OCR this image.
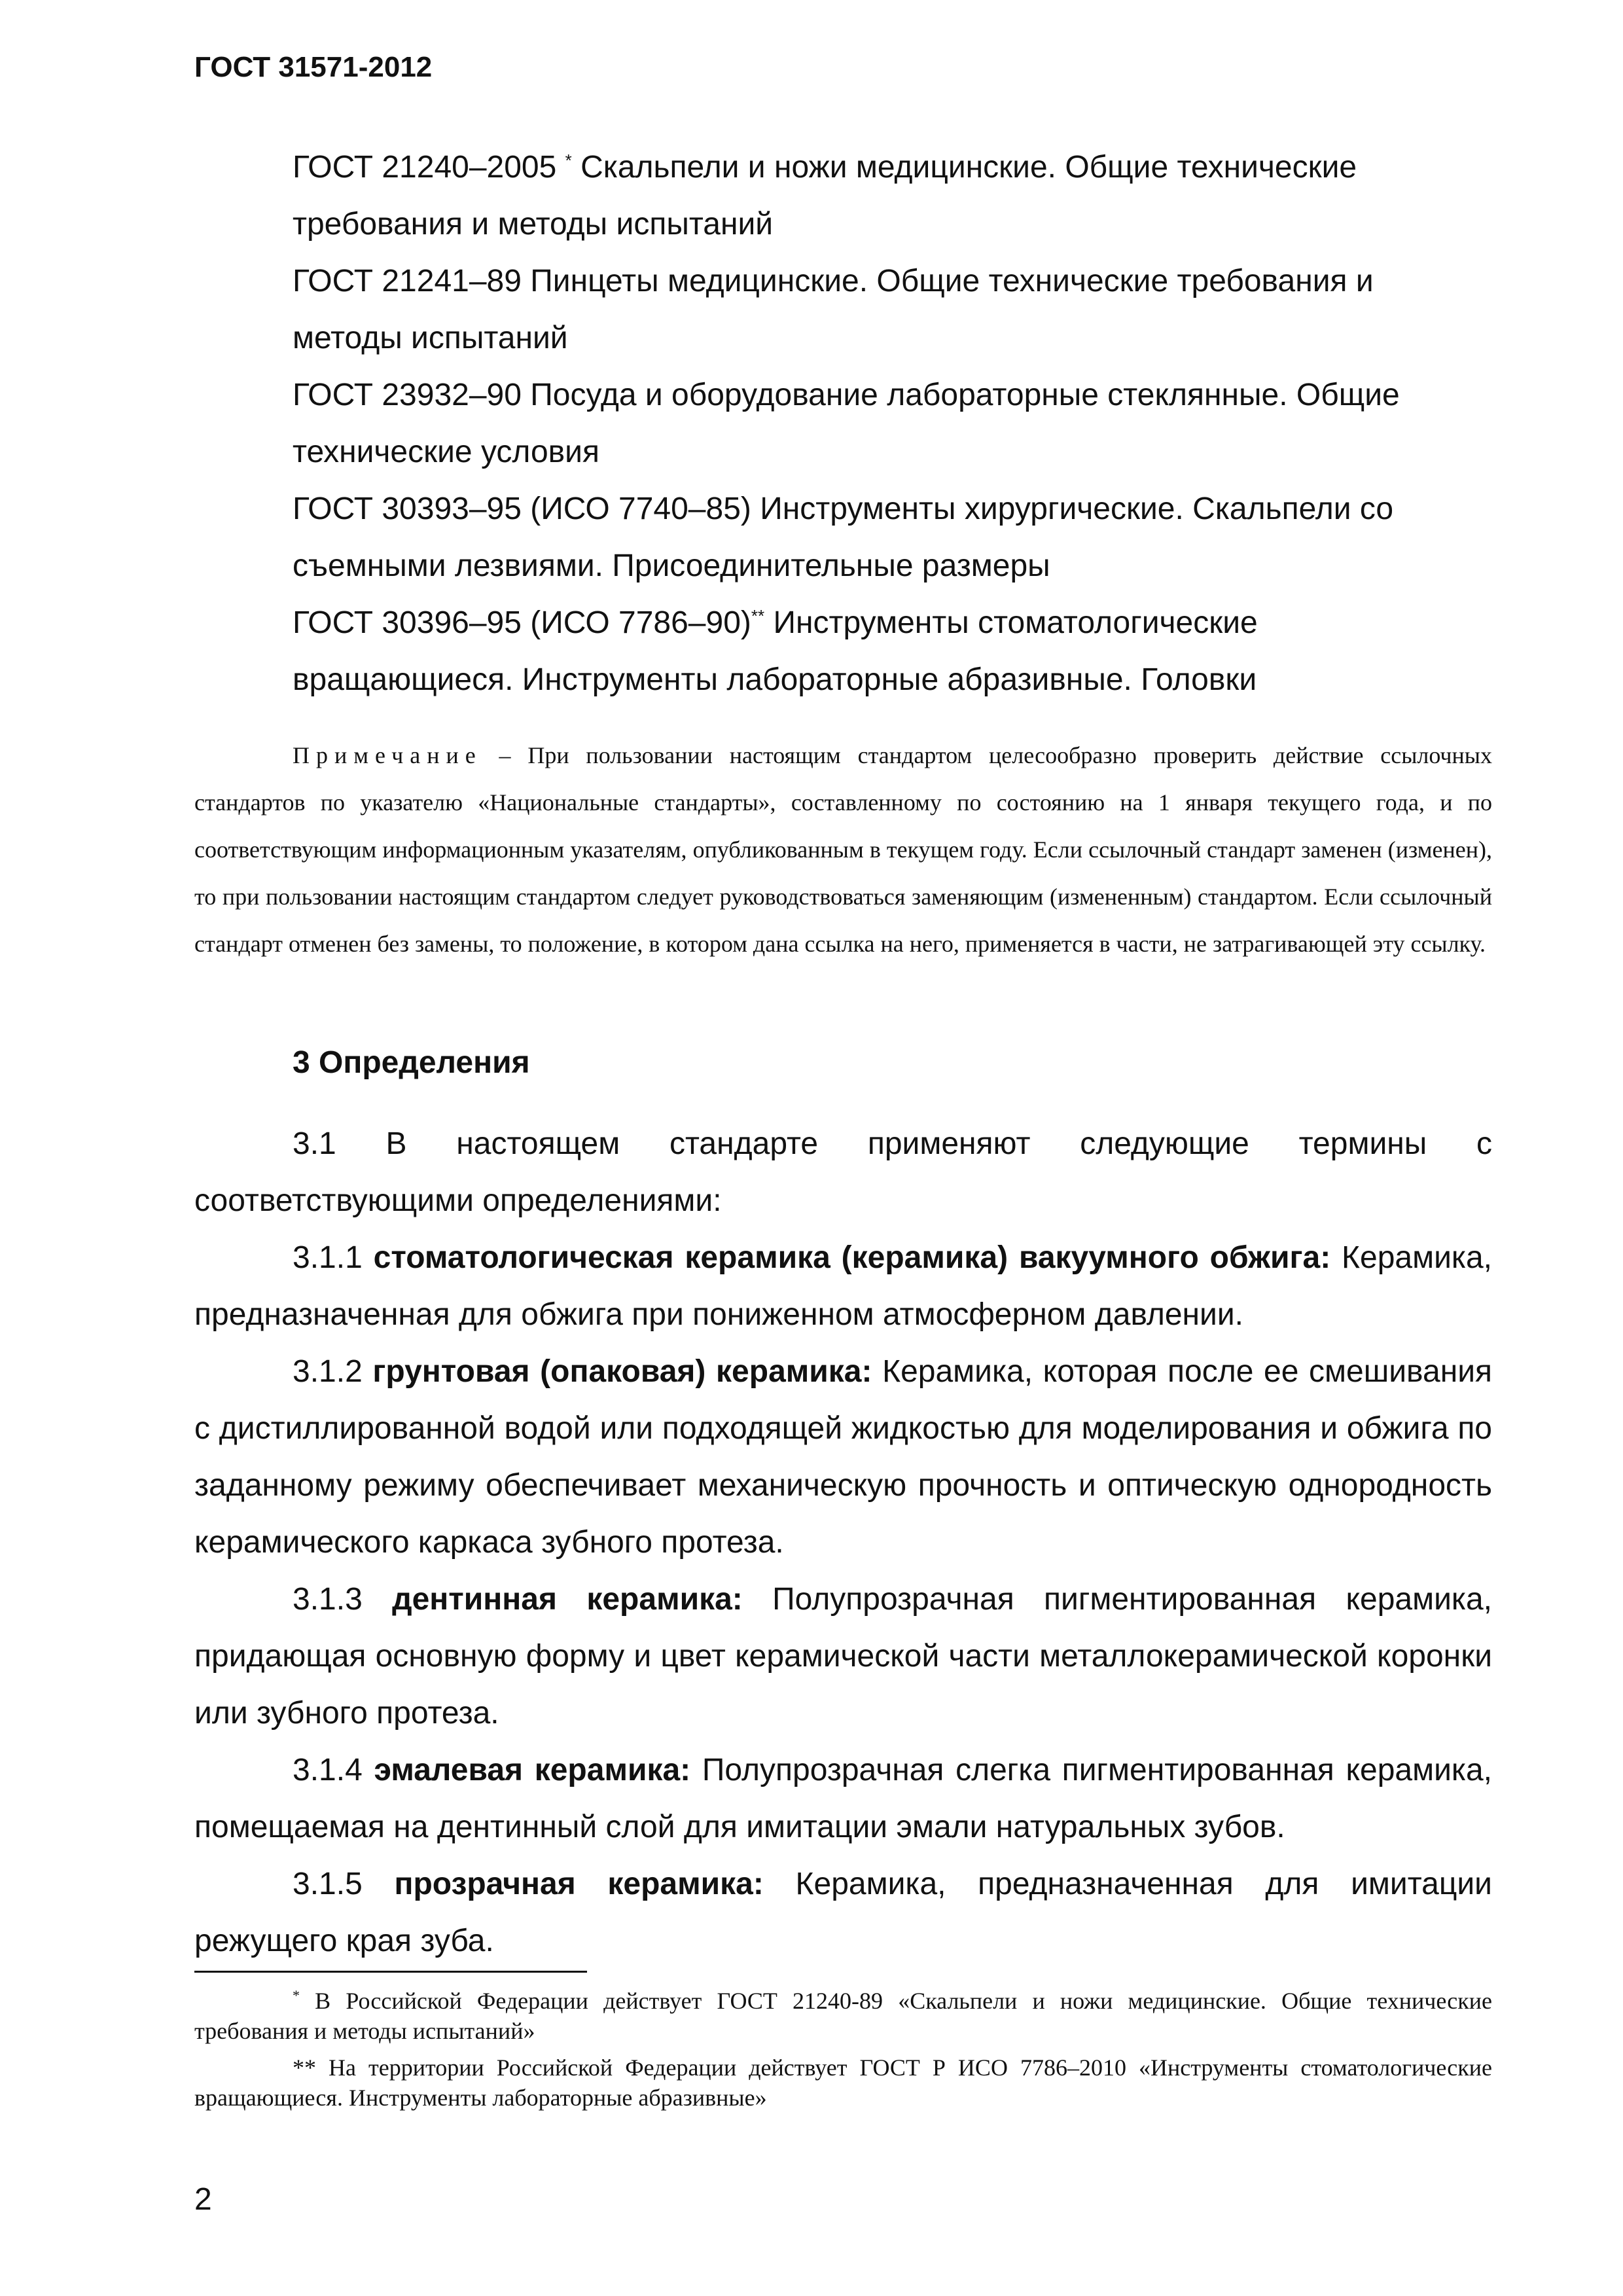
ГОСТ 31571-2012

ГОСТ 21240–2005 * Скальпели и ножи медицинские. Общие технические
требования и методы испытаний

ГОСТ 21241–89 Пинцеты медицинские. Общие технические требования и
методы испытаний

ГОСТ 23932–90 Посуда и оборудование лабораторные стеклянные. Общие
технические условия

ГОСТ 30393–95 (ИСО 7740–85) Инструменты хирургические. Скальпели со
съемными лезвиями. Присоединительные размеры

ГОСТ 30396–95 (ИСО 7786–90)** Инструменты стоматологические
вращающиеся. Инструменты лабораторные абразивные. Головки

Примечание – При пользовании настоящим стандартом целесообразно проверить действие ссылочных стандартов по указателю «Национальные стандарты», составленному по состоянию на 1 января текущего года, и по соответствующим информационным указателям, опубликованным в текущем году. Если ссылочный стандарт заменен (изменен), то при пользовании настоящим стандартом следует руководствоваться заменяющим (измененным) стандартом. Если ссылочный стандарт отменен без замены, то положение, в котором дана ссылка на него, применяется в части, не затрагивающей эту ссылку.

3 Определения

3.1 В настоящем стандарте применяют следующие термины с соответствующими определениями:

3.1.1 стоматологическая керамика (керамика) вакуумного обжига: Керамика, предназначенная для обжига при пониженном атмосферном давлении.

3.1.2 грунтовая (опаковая) керамика: Керамика, которая после ее смешивания с дистиллированной водой или подходящей жидкостью для моделирования и обжига по заданному режиму обеспечивает механическую прочность и оптическую однородность керамического каркаса зубного протеза.

3.1.3 дентинная керамика: Полупрозрачная пигментированная керамика, придающая основную форму и цвет керамической части металлокерамической коронки или зубного протеза.

3.1.4 эмалевая керамика: Полупрозрачная слегка пигментированная керамика, помещаемая на дентинный слой для имитации эмали натуральных зубов.

3.1.5 прозрачная керамика: Керамика, предназначенная для имитации режущего края зуба.

* В Российской Федерации действует ГОСТ 21240-89 «Скальпели и ножи медицинские. Общие технические требования и методы испытаний»

** На территории Российской Федерации действует ГОСТ Р ИСО 7786–2010 «Инструменты стоматологические вращающиеся. Инструменты лабораторные абразивные»

2
